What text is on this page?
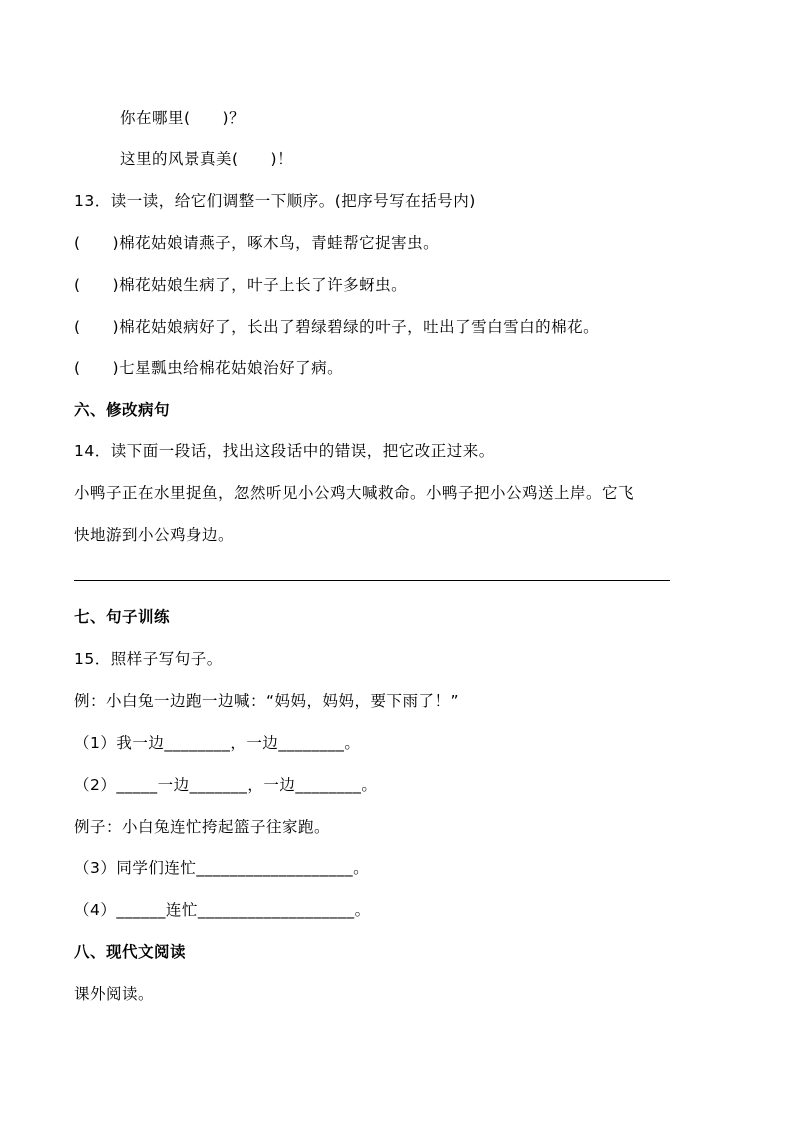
你在哪里(　　)？
这里的风景真美(　　)！
13．读一读，给它们调整一下顺序。(把序号写在括号内)
(　　)棉花姑娘请燕子，啄木鸟，青蛙帮它捉害虫。
(　　)棉花姑娘生病了，叶子上长了许多蚜虫。
(　　)棉花姑娘病好了，长出了碧绿碧绿的叶子，吐出了雪白雪白的棉花。
(　　)七星瓢虫给棉花姑娘治好了病。
六、修改病句
14．读下面一段话，找出这段话中的错误，把它改正过来。
小鸭子正在水里捉鱼，忽然听见小公鸡大喊救命。小鸭子把小公鸡送上岸。它飞
快地游到小公鸡身边。
七、句子训练
15．照样子写句子。
例：小白兔一边跑一边喊：“妈妈，妈妈，要下雨了！”
（1）我一边________，一边________。
（2）_____一边_______，一边________。
例子：小白兔连忙挎起篮子往家跑。
（3）同学们连忙___________________。
（4）______连忙___________________。
八、现代文阅读
课外阅读。
